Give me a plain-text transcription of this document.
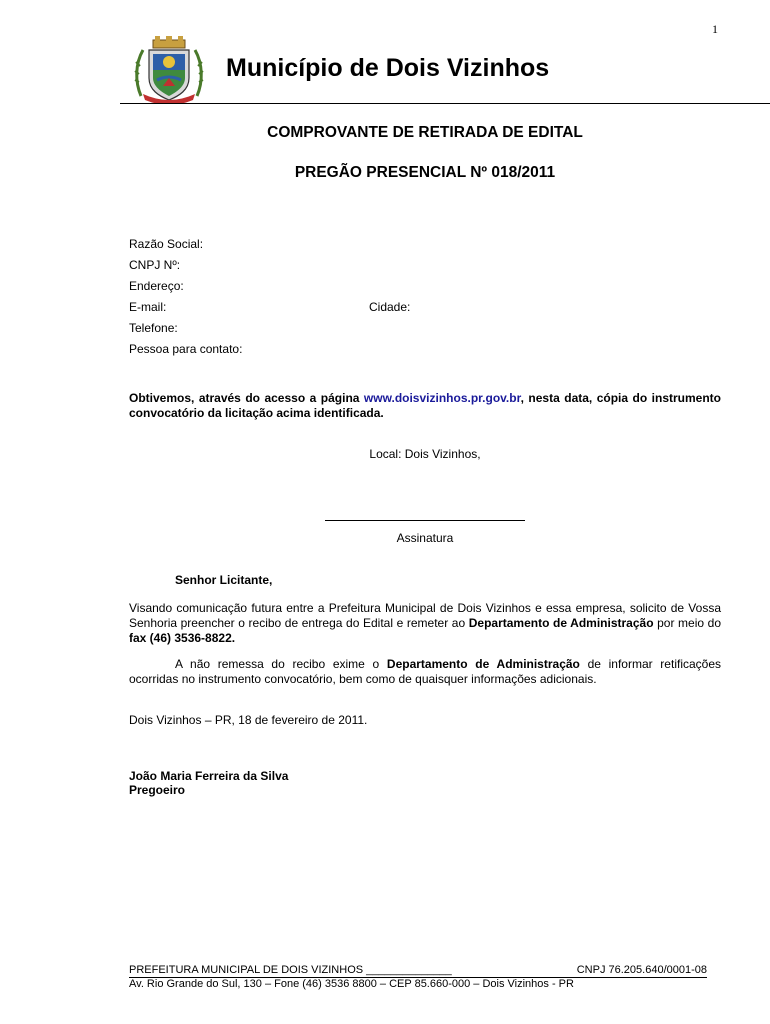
1
Município de Dois Vizinhos
COMPROVANTE DE RETIRADA DE EDITAL
PREGÃO PRESENCIAL Nº 018/2011
Razão Social:
CNPJ Nº:
Endereço:
E-mail:	Cidade:
Telefone:
Pessoa para contato:
Obtivemos, através do acesso a página www.doisvizinhos.pr.gov.br, nesta data, cópia do instrumento convocatório da licitação acima identificada.
Local: Dois Vizinhos,
Assinatura
Senhor Licitante,
Visando comunicação futura entre a Prefeitura Municipal de Dois Vizinhos e essa empresa, solicito de Vossa Senhoria preencher o recibo de entrega do Edital e remeter ao Departamento de Administração por meio do fax (46) 3536-8822.
A não remessa do recibo exime o Departamento de Administração de informar retificações ocorridas no instrumento convocatório, bem como de quaisquer informações adicionais.
Dois Vizinhos – PR, 18 de fevereiro de 2011.
João Maria Ferreira da Silva
Pregoeiro
PREFEITURA MUNICIPAL DE DOIS VIZINHOS ______________	CNPJ 76.205.640/0001-08
Av. Rio Grande do Sul, 130 – Fone (46) 3536 8800 – CEP 85.660-000 – Dois Vizinhos - PR
